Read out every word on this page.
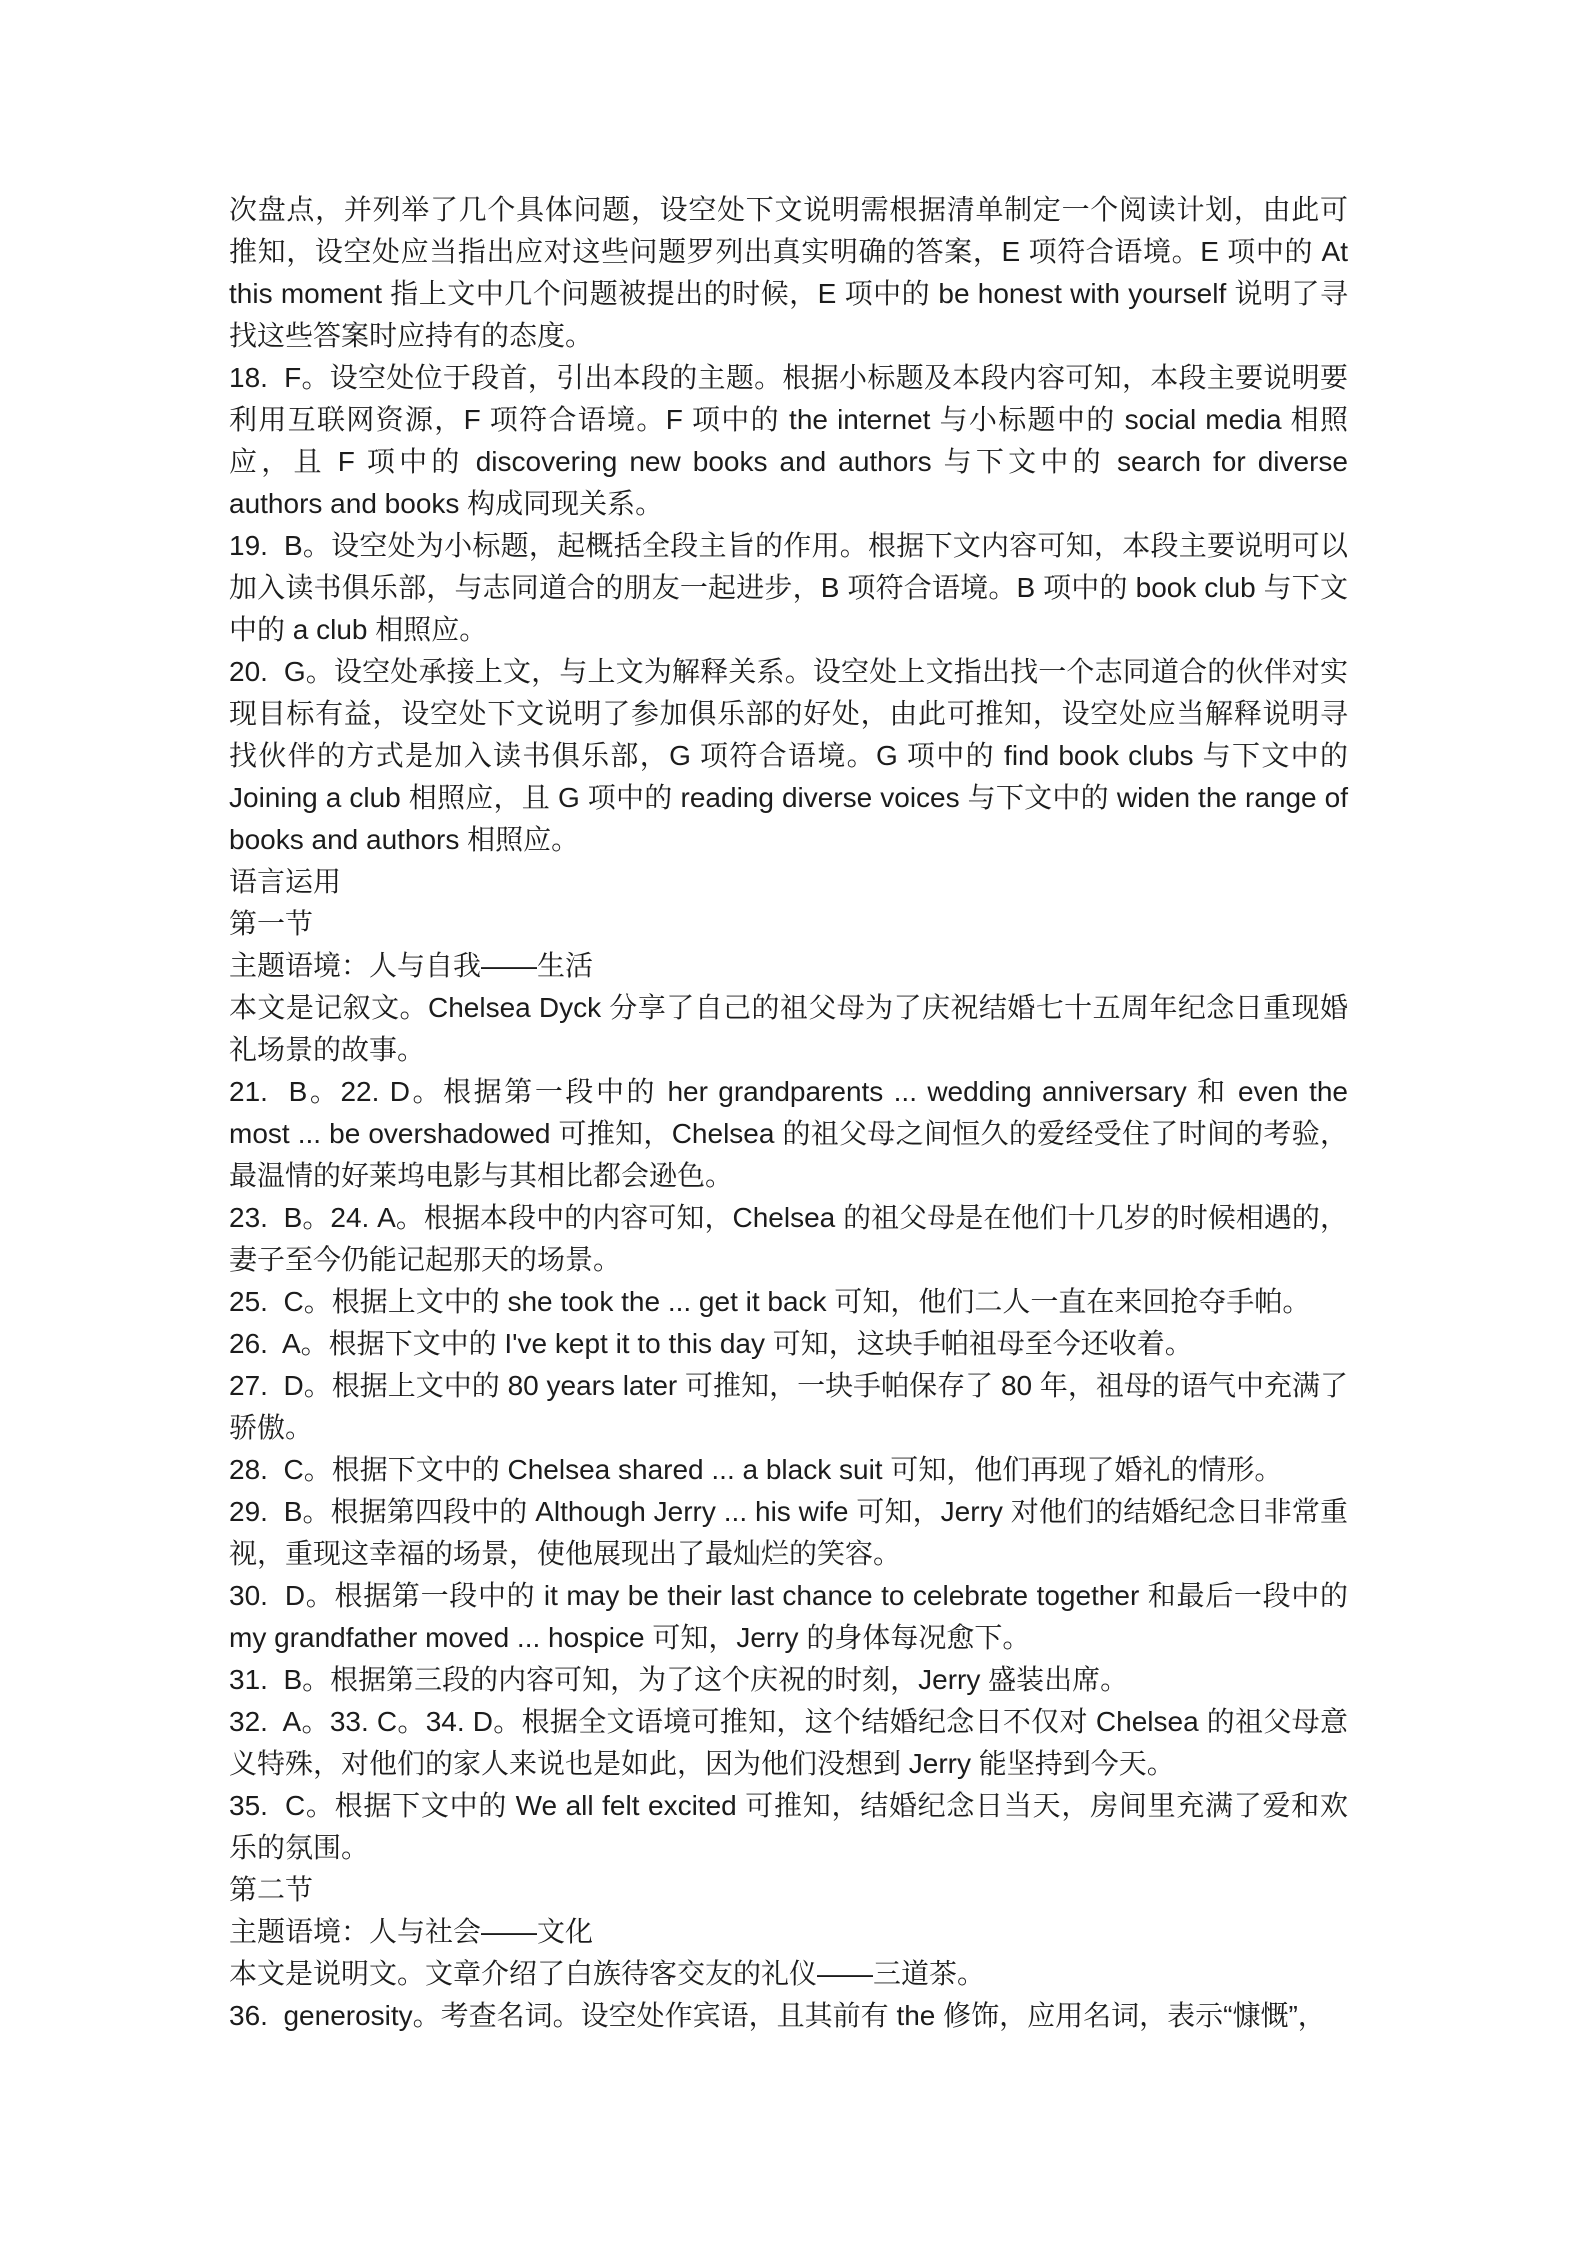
次盘点，并列举了几个具体问题，设空处下文说明需根据清单制定一个阅读计划，由此可推知，设空处应当指出应对这些问题罗列出真实明确的答案，E 项符合语境。E 项中的 At this moment 指上文中几个问题被提出的时候，E 项中的 be honest with yourself 说明了寻找这些答案时应持有的态度。

18.  F。设空处位于段首，引出本段的主题。根据小标题及本段内容可知，本段主要说明要利用互联网资源，F 项符合语境。F 项中的 the internet 与小标题中的 social media 相照应，且 F 项中的 discovering new books and authors 与下文中的 search for diverse authors and books 构成同现关系。

19.  B。设空处为小标题，起概括全段主旨的作用。根据下文内容可知，本段主要说明可以加入读书俱乐部，与志同道合的朋友一起进步，B 项符合语境。B 项中的 book club 与下文中的 a club 相照应。

20.  G。设空处承接上文，与上文为解释关系。设空处上文指出找一个志同道合的伙伴对实现目标有益，设空处下文说明了参加俱乐部的好处，由此可推知，设空处应当解释说明寻找伙伴的方式是加入读书俱乐部，G 项符合语境。G 项中的 find book clubs 与下文中的 Joining a club 相照应，且 G 项中的 reading diverse voices 与下文中的 widen the range of books and authors 相照应。

语言运用

第一节

主题语境：人与自我——生活

本文是记叙文。Chelsea Dyck 分享了自己的祖父母为了庆祝结婚七十五周年纪念日重现婚礼场景的故事。

21.  B。22. D。根据第一段中的 her grandparents ... wedding anniversary 和 even the most ... be overshadowed 可推知，Chelsea 的祖父母之间恒久的爱经受住了时间的考验，最温情的好莱坞电影与其相比都会逊色。

23.  B。24. A。根据本段中的内容可知，Chelsea 的祖父母是在他们十几岁的时候相遇的，妻子至今仍能记起那天的场景。

25.  C。根据上文中的 she took the ... get it back 可知，他们二人一直在来回抢夺手帕。

26.  A。根据下文中的 I've kept it to this day 可知，这块手帕祖母至今还收着。

27.  D。根据上文中的 80 years later 可推知，一块手帕保存了 80 年，祖母的语气中充满了骄傲。

28.  C。根据下文中的 Chelsea shared ... a black suit 可知，他们再现了婚礼的情形。

29.  B。根据第四段中的 Although Jerry ... his wife 可知，Jerry 对他们的结婚纪念日非常重视，重现这幸福的场景，使他展现出了最灿烂的笑容。

30.  D。根据第一段中的 it may be their last chance to celebrate together 和最后一段中的 my grandfather moved ... hospice 可知，Jerry 的身体每况愈下。

31.  B。根据第三段的内容可知，为了这个庆祝的时刻，Jerry 盛装出席。

32.  A。33. C。34. D。根据全文语境可推知，这个结婚纪念日不仅对 Chelsea 的祖父母意义特殊，对他们的家人来说也是如此，因为他们没想到 Jerry 能坚持到今天。

35.  C。根据下文中的 We all felt excited 可推知，结婚纪念日当天，房间里充满了爱和欢乐的氛围。

第二节

主题语境：人与社会——文化

本文是说明文。文章介绍了白族待客交友的礼仪——三道茶。

36.  generosity。考查名词。设空处作宾语，且其前有 the 修饰，应用名词，表示“慷慨”，
